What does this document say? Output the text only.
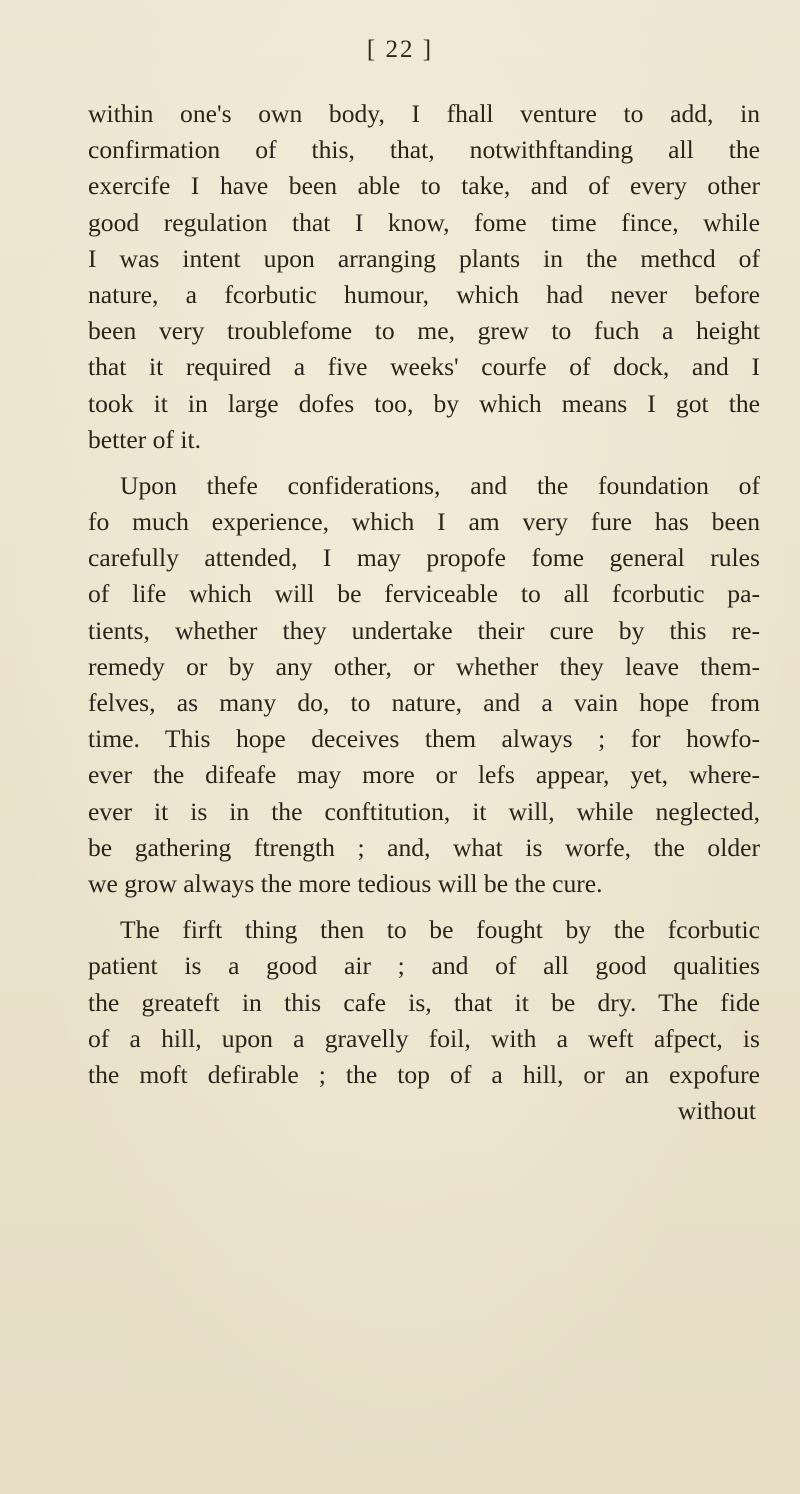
[ 22 ]
within one's own body, I fhall venture to add, in
confirmation of this, that, notwithftanding all the
exercife I have been able to take, and of every other
good regulation that I know, fome time fince, while
I was intent upon arranging plants in the methcd of
nature, a fcorbutic humour, which had never before
been very troublefome to me, grew to fuch a height
that it required a five weeks' courfe of dock, and I
took it in large dofes too, by which means I got the
better of it.
Upon thefe confiderations, and the foundation of
fo much experience, which I am very fure has been
carefully attended, I may propofe fome general rules
of life which will be ferviceable to all fcorbutic pa-
tients, whether they undertake their cure by this re-
remedy or by any other, or whether they leave them-
felves, as many do, to nature, and a vain hope from
time. This hope deceives them always ; for howfo-
ever the difeafe may more or lefs appear, yet, where-
ever it is in the conftitution, it will, while neglected,
be gathering ftrength ; and, what is worfe, the older
we grow always the more tedious will be the cure.
The firft thing then to be fought by the fcorbutic
patient is a good air ; and of all good qualities
the greateft in this cafe is, that it be dry. The fide
of a hill, upon a gravelly foil, with a weft afpect, is
the moft defirable ; the top of a hill, or an expofure
without
